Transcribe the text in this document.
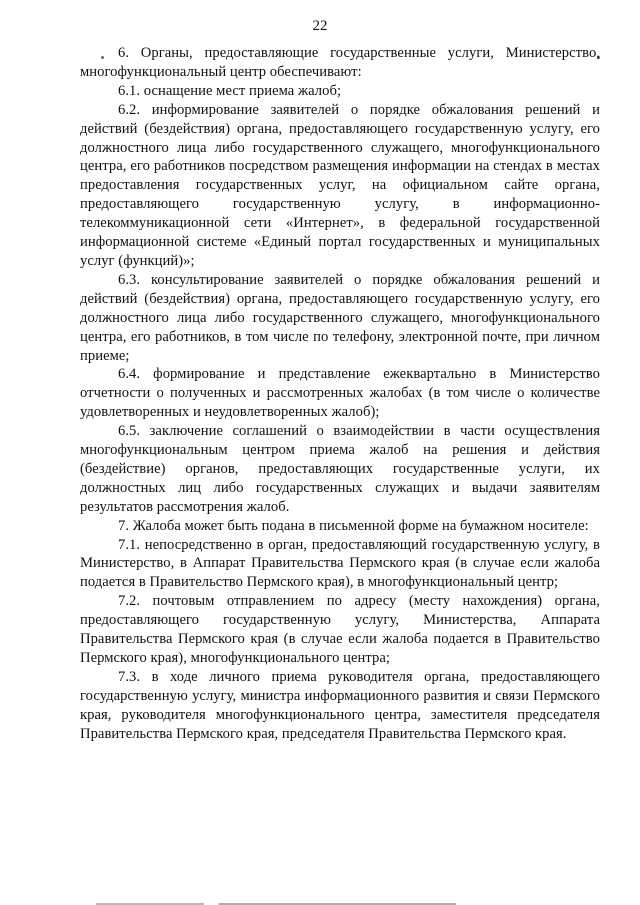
22

6. Органы, предоставляющие государственные услуги, Министерство, многофункциональный центр обеспечивают:

6.1. оснащение мест приема жалоб;

6.2. информирование заявителей о порядке обжалования решений и действий (бездействия) органа, предоставляющего государственную услугу, его должностного лица либо государственного служащего, многофункционального центра, его работников посредством размещения информации на стендах в местах предоставления государственных услуг, на официальном сайте органа, предоставляющего государственную услугу, в информационно-телекоммуникационной сети «Интернет», в федеральной государственной информационной системе «Единый портал государственных и муниципальных услуг (функций)»;

6.3. консультирование заявителей о порядке обжалования решений и действий (бездействия) органа, предоставляющего государственную услугу, его должностного лица либо государственного служащего, многофункционального центра, его работников, в том числе по телефону, электронной почте, при личном приеме;

6.4. формирование и представление ежеквартально в Министерство отчетности о полученных и рассмотренных жалобах (в том числе о количестве удовлетворенных и неудовлетворенных жалоб);

6.5. заключение соглашений о взаимодействии в части осуществления многофункциональным центром приема жалоб на решения и действия (бездействие) органов, предоставляющих государственные услуги, их должностных лиц либо государственных служащих и выдачи заявителям результатов рассмотрения жалоб.

7. Жалоба может быть подана в письменной форме на бумажном носителе:

7.1. непосредственно в орган, предоставляющий государственную услугу, в Министерство, в Аппарат Правительства Пермского края (в случае если жалоба подается в Правительство Пермского края), в многофункциональный центр;

7.2. почтовым отправлением по адресу (месту нахождения) органа, предоставляющего государственную услугу, Министерства, Аппарата Правительства Пермского края (в случае если жалоба подается в Правительство Пермского края), многофункционального центра;

7.3. в ходе личного приема руководителя органа, предоставляющего государственную услугу, министра информационного развития и связи Пермского края, руководителя многофункционального центра, заместителя председателя Правительства Пермского края, председателя Правительства Пермского края.
